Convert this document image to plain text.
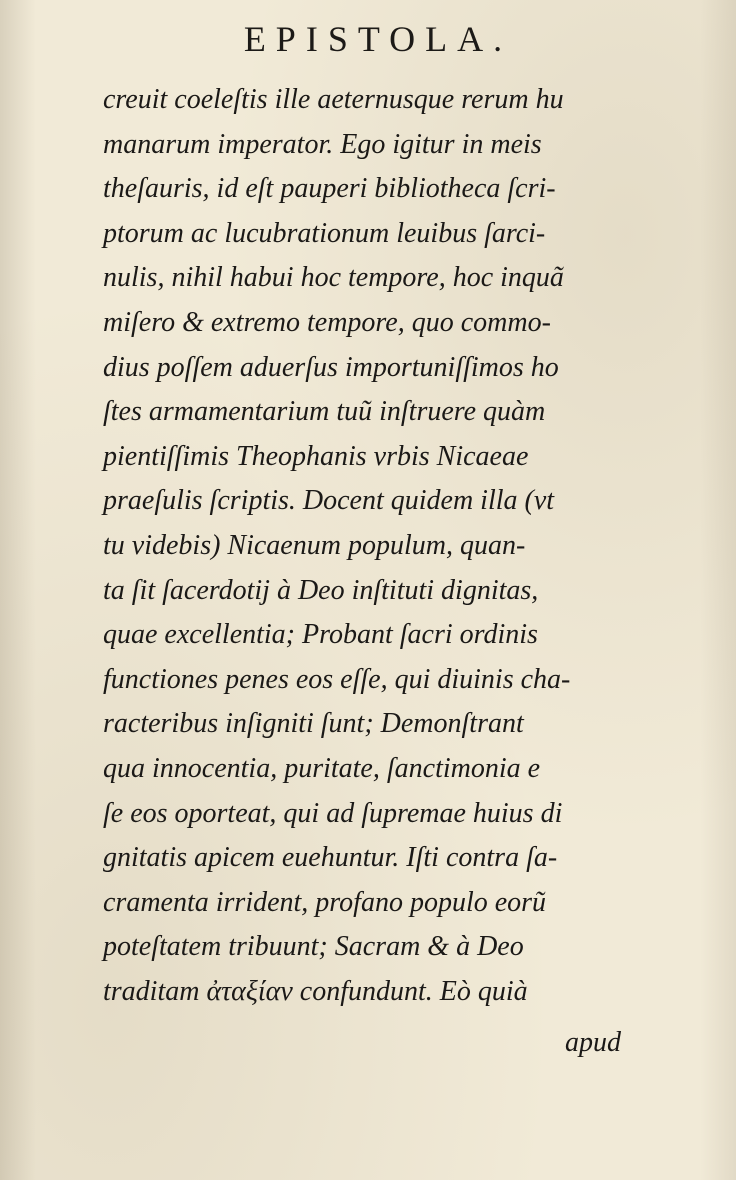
EPISTOLA.
creuit coeleſtis ille aeternusque rerum hu
manarum imperator. Ego igitur in meis
theſauris, id eſt pauperi bibliotheca ſcri-
ptorum ac lucubrationum leuibus ſarci-
nulis, nihil habui hoc tempore, hoc inquã
miſero & extremo tempore, quo commo-
dius poſſem aduerſus importuniſſimos ho
ſtes armamentarium tuũ inſtruere quàm
pientiſſimis Theophanis vrbis Nicaeae
praeſulis ſcriptis. Docent quidem illa (vt
tu videbis) Nicaenum populum, quan-
ta ſit ſacerdotij à Deo inſtituti dignitas,
quae excellentia; Probant ſacri ordinis
functiones penes eos eſſe, qui diuinis cha-
racteribus inſigniti ſunt; Demonſtrant
qua innocentia, puritate, ſanctimonia e
ſe eos oporteat, qui ad ſupremae huius di
gnitatis apicem euehuntur. Iſti contra ſa-
cramenta irrident, profano populo eorũ
poteſtatem tribuunt; Sacram & à Deo
traditam ἀταξίαν confundunt. Eò quià
apud
